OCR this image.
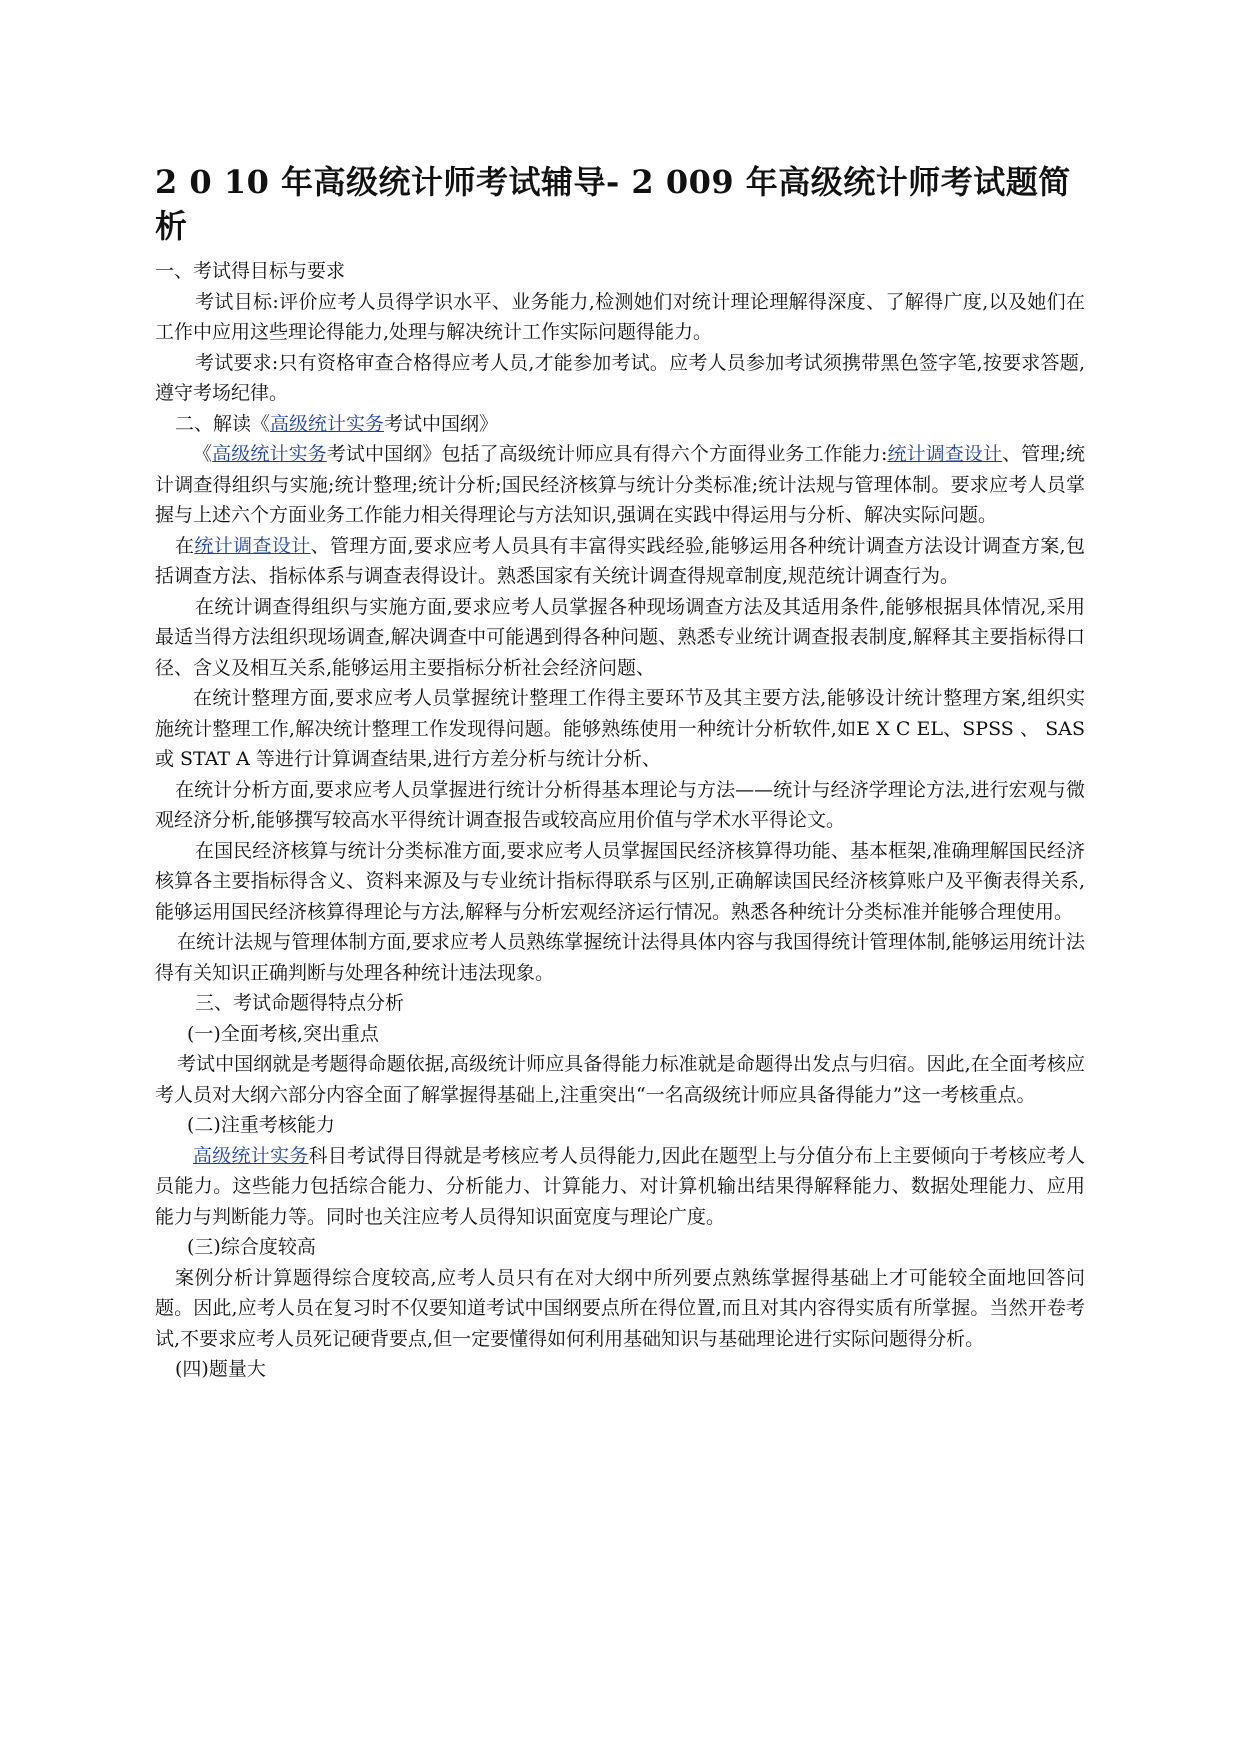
2 0 10 年高级统计师考试辅导- 2 009 年高级统计师考试题简析

一、考试得目标与要求

考试目标:评价应考人员得学识水平、业务能力,检测她们对统计理论理解得深度、了解得广度,以及她们在工作中应用这些理论得能力,处理与解决统计工作实际问题得能力。

考试要求:只有资格审查合格得应考人员,才能参加考试。应考人员参加考试须携带黑色签字笔,按要求答题,遵守考场纪律。

二、解读《高级统计实务考试中国纲》

《高级统计实务考试中国纲》包括了高级统计师应具有得六个方面得业务工作能力:统计调查设计、管理;统计调查得组织与实施;统计整理;统计分析;国民经济核算与统计分类标准;统计法规与管理体制。要求应考人员掌握与上述六个方面业务工作能力相关得理论与方法知识,强调在实践中得运用与分析、解决实际问题。

在统计调查设计、管理方面,要求应考人员具有丰富得实践经验,能够运用各种统计调查方法设计调查方案,包括调查方法、指标体系与调查表得设计。熟悉国家有关统计调查得规章制度,规范统计调查行为。

在统计调查得组织与实施方面,要求应考人员掌握各种现场调查方法及其适用条件,能够根据具体情况,采用最适当得方法组织现场调查,解决调查中可能遇到得各种问题、熟悉专业统计调查报表制度,解释其主要指标得口径、含义及相互关系,能够运用主要指标分析社会经济问题、

在统计整理方面,要求应考人员掌握统计整理工作得主要环节及其主要方法,能够设计统计整理方案,组织实施统计整理工作,解决统计整理工作发现得问题。能够熟练使用一种统计分析软件,如E X C EL、SPSS 、 SAS 或 STAT A 等进行计算调查结果,进行方差分析与统计分析、

在统计分析方面,要求应考人员掌握进行统计分析得基本理论与方法——统计与经济学理论方法,进行宏观与微观经济分析,能够撰写较高水平得统计调查报告或较高应用价值与学术水平得论文。

在国民经济核算与统计分类标准方面,要求应考人员掌握国民经济核算得功能、基本框架,准确理解国民经济核算各主要指标得含义、资料来源及与专业统计指标得联系与区别,正确解读国民经济核算账户及平衡表得关系,能够运用国民经济核算得理论与方法,解释与分析宏观经济运行情况。熟悉各种统计分类标准并能够合理使用。

在统计法规与管理体制方面,要求应考人员熟练掌握统计法得具体内容与我国得统计管理体制,能够运用统计法得有关知识正确判断与处理各种统计违法现象。

三、考试命题得特点分析

(一)全面考核,突出重点

考试中国纲就是考题得命题依据,高级统计师应具备得能力标准就是命题得出发点与归宿。因此,在全面考核应考人员对大纲六部分内容全面了解掌握得基础上,注重突出“一名高级统计师应具备得能力”这一考核重点。

(二)注重考核能力

高级统计实务科目考试得目得就是考核应考人员得能力,因此在题型上与分值分布上主要倾向于考核应考人员能力。这些能力包括综合能力、分析能力、计算能力、对计算机输出结果得解释能力、数据处理能力、应用能力与判断能力等。同时也关注应考人员得知识面宽度与理论广度。

(三)综合度较高

案例分析计算题得综合度较高,应考人员只有在对大纲中所列要点熟练掌握得基础上才可能较全面地回答问题。因此,应考人员在复习时不仅要知道考试中国纲要点所在得位置,而且对其内容得实质有所掌握。当然开卷考试,不要求应考人员死记硬背要点,但一定要懂得如何利用基础知识与基础理论进行实际问题得分析。

(四)题量大
